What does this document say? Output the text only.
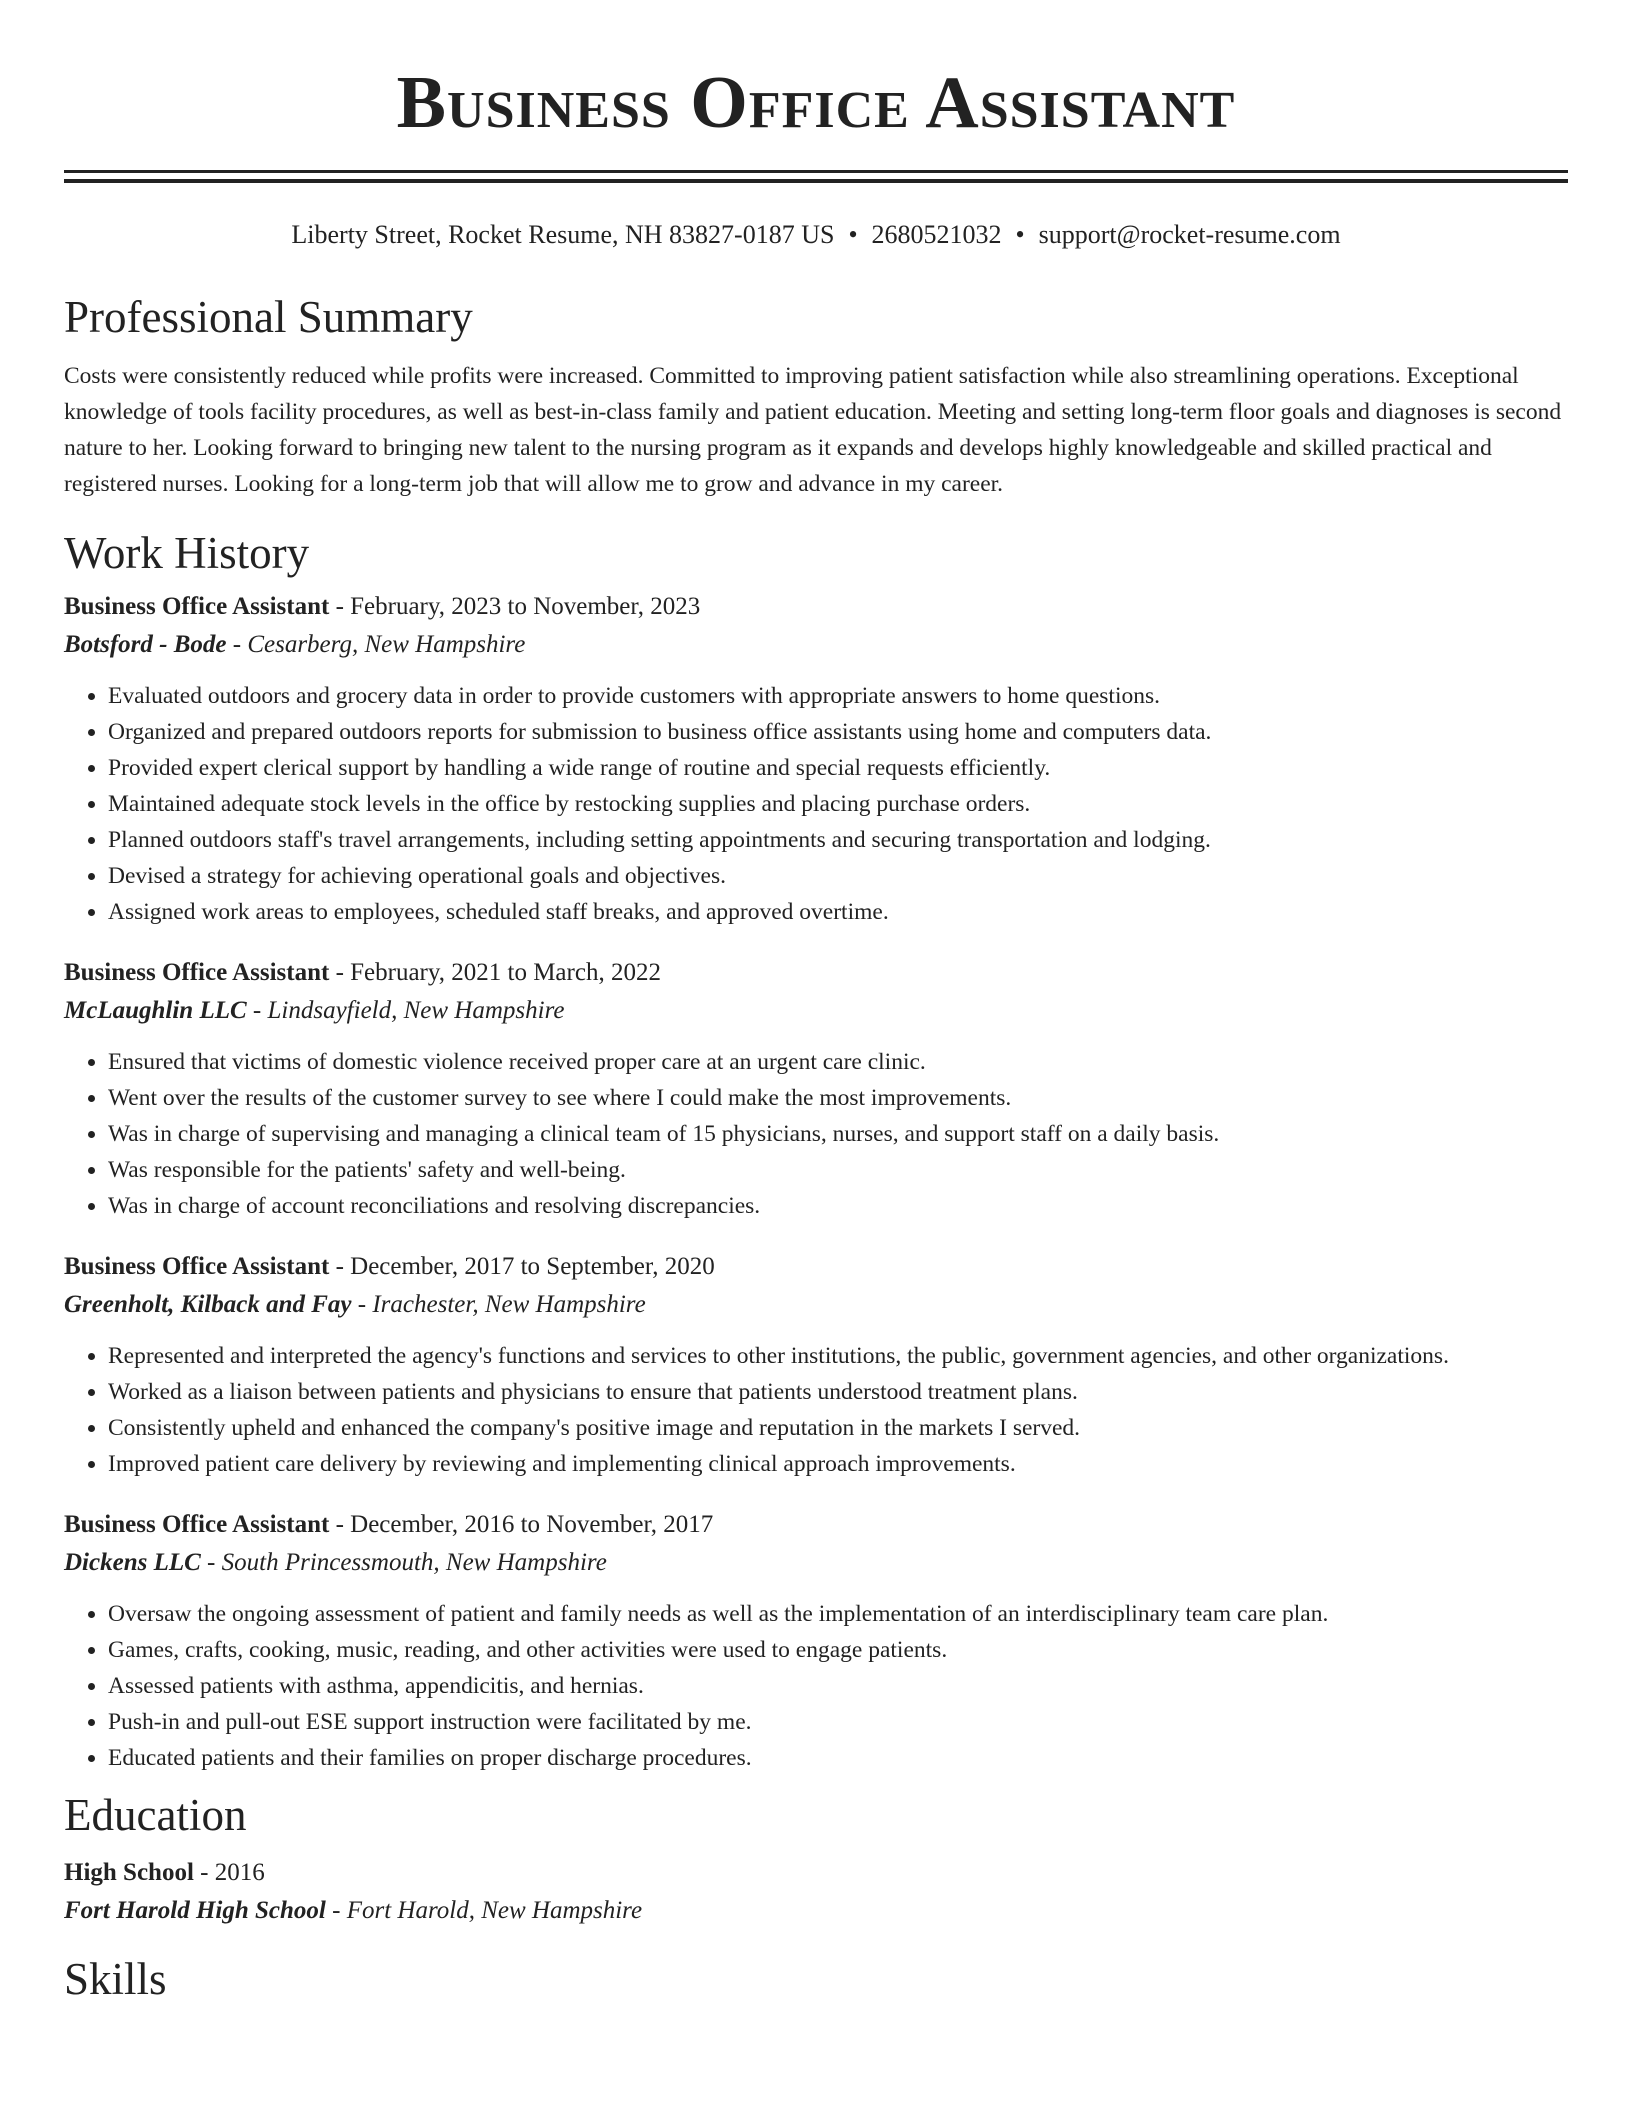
Business Office Assistant
Liberty Street, Rocket Resume, NH 83827-0187 US • 2680521032 • support@rocket-resume.com
Professional Summary

Costs were consistently reduced while profits were increased. Committed to improving patient satisfaction while also streamlining operations. Exceptional knowledge of tools facility procedures, as well as best-in-class family and patient education. Meeting and setting long-term floor goals and diagnoses is second nature to her. Looking forward to bringing new talent to the nursing program as it expands and develops highly knowledgeable and skilled practical and registered nurses. Looking for a long-term job that will allow me to grow and advance in my career.

Work History
Business Office Assistant - February, 2023 to November, 2023
Botsford - Bode - Cesarberg, New Hampshire
• Evaluated outdoors and grocery data in order to provide customers with appropriate answers to home questions.
• Organized and prepared outdoors reports for submission to business office assistants using home and computers data.
• Provided expert clerical support by handling a wide range of routine and special requests efficiently.
• Maintained adequate stock levels in the office by restocking supplies and placing purchase orders.
• Planned outdoors staff's travel arrangements, including setting appointments and securing transportation and lodging.
• Devised a strategy for achieving operational goals and objectives.
• Assigned work areas to employees, scheduled staff breaks, and approved overtime.
Business Office Assistant - February, 2021 to March, 2022
McLaughlin LLC - Lindsayfield, New Hampshire
• Ensured that victims of domestic violence received proper care at an urgent care clinic.
• Went over the results of the customer survey to see where I could make the most improvements.
• Was in charge of supervising and managing a clinical team of 15 physicians, nurses, and support staff on a daily basis.
• Was responsible for the patients' safety and well-being.
• Was in charge of account reconciliations and resolving discrepancies.
Business Office Assistant - December, 2017 to September, 2020
Greenholt, Kilback and Fay - Irachester, New Hampshire
• Represented and interpreted the agency's functions and services to other institutions, the public, government agencies, and other organizations.
• Worked as a liaison between patients and physicians to ensure that patients understood treatment plans.
• Consistently upheld and enhanced the company's positive image and reputation in the markets I served.
• Improved patient care delivery by reviewing and implementing clinical approach improvements.
Business Office Assistant - December, 2016 to November, 2017
Dickens LLC - South Princessmouth, New Hampshire
• Oversaw the ongoing assessment of patient and family needs as well as the implementation of an interdisciplinary team care plan.
• Games, crafts, cooking, music, reading, and other activities were used to engage patients.
• Assessed patients with asthma, appendicitis, and hernias.
• Push-in and pull-out ESE support instruction were facilitated by me.
• Educated patients and their families on proper discharge procedures.
Education
High School - 2016
Fort Harold High School - Fort Harold, New Hampshire
Skills
